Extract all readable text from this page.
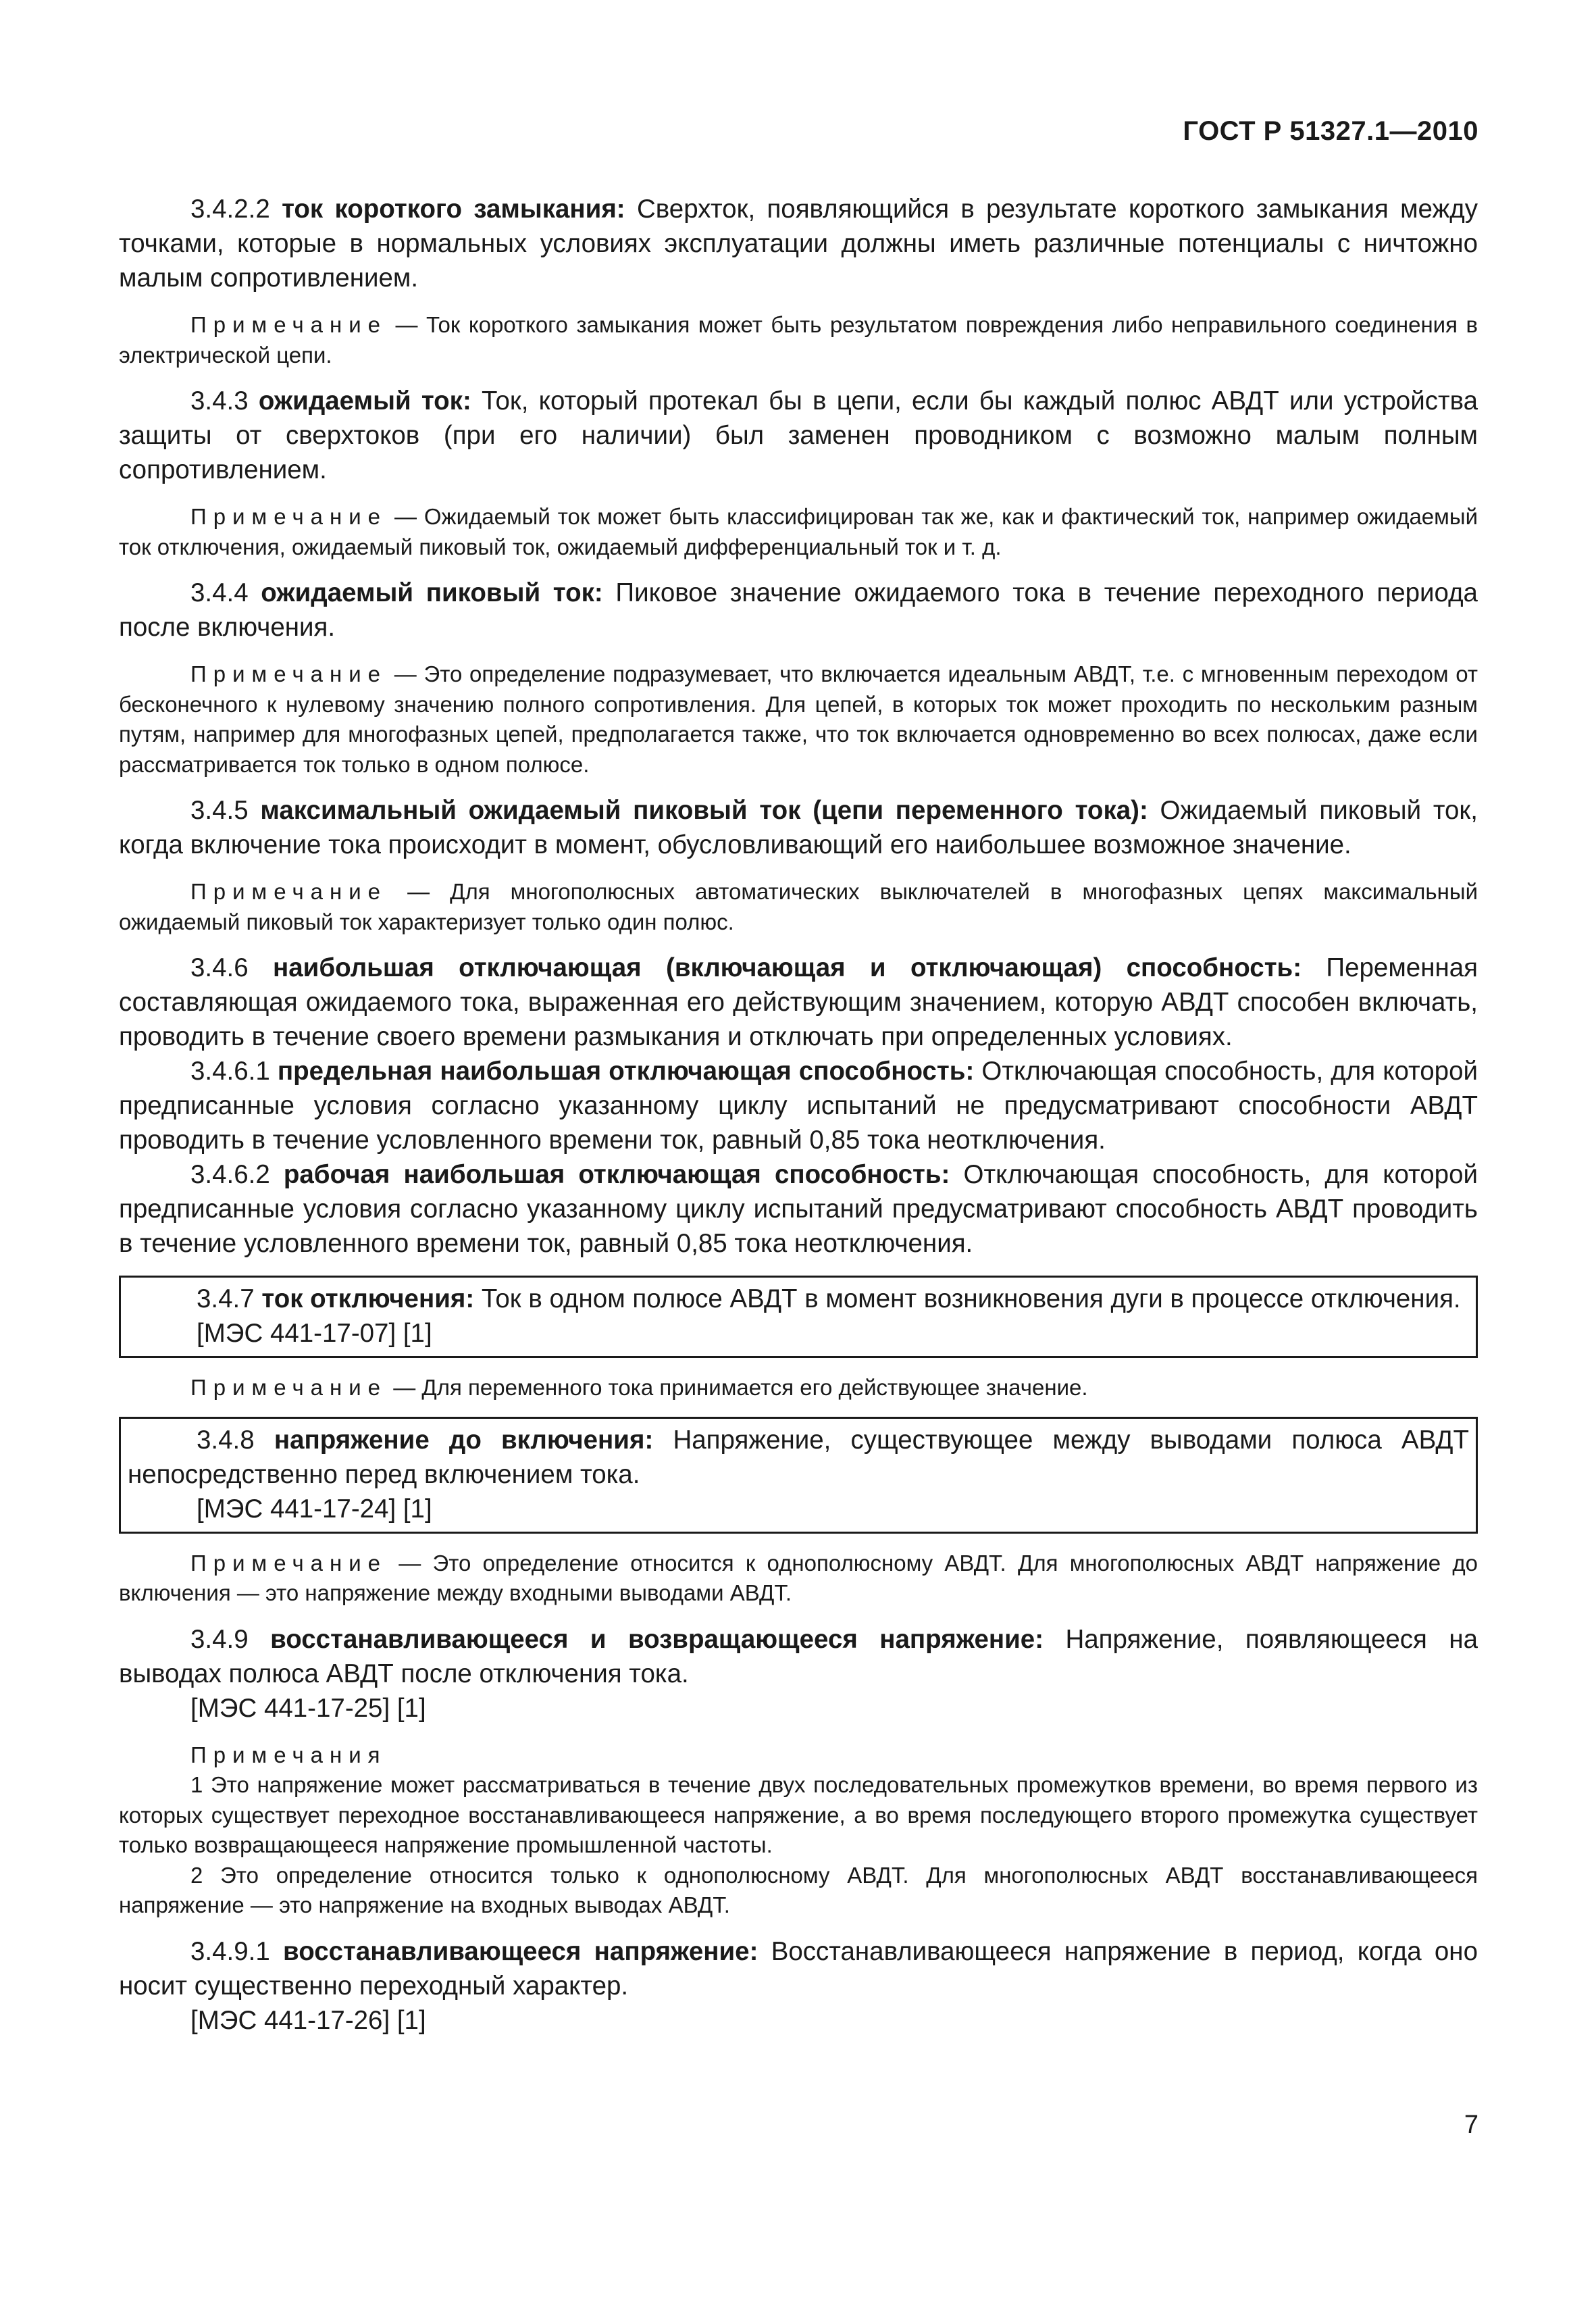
ГОСТ Р 51327.1—2010

3.4.2.2 ток короткого замыкания: Сверхток, появляющийся в результате короткого замыкания между точками, которые в нормальных условиях эксплуатации должны иметь различные потенциалы с ничтожно малым сопротивлением.

Примечание — Ток короткого замыкания может быть результатом повреждения либо неправильного соединения в электрической цепи.

3.4.3 ожидаемый ток: Ток, который протекал бы в цепи, если бы каждый полюс АВДТ или устройства защиты от сверхтоков (при его наличии) был заменен проводником с возможно малым полным сопротивлением.

Примечание — Ожидаемый ток может быть классифицирован так же, как и фактический ток, например ожидаемый ток отключения, ожидаемый пиковый ток, ожидаемый дифференциальный ток и т. д.

3.4.4 ожидаемый пиковый ток: Пиковое значение ожидаемого тока в течение переходного периода после включения.

Примечание — Это определение подразумевает, что включается идеальным АВДТ, т.е. с мгновенным переходом от бесконечного к нулевому значению полного сопротивления. Для цепей, в которых ток может проходить по нескольким разным путям, например для многофазных цепей, предполагается также, что ток включается одновременно во всех полюсах, даже если рассматривается ток только в одном полюсе.

3.4.5 максимальный ожидаемый пиковый ток (цепи переменного тока): Ожидаемый пиковый ток, когда включение тока происходит в момент, обусловливающий его наибольшее возможное значение.

Примечание — Для многополюсных автоматических выключателей в многофазных цепях максимальный ожидаемый пиковый ток характеризует только один полюс.

3.4.6 наибольшая отключающая (включающая и отключающая) способность: Переменная составляющая ожидаемого тока, выраженная его действующим значением, которую АВДТ способен включать, проводить в течение своего времени размыкания и отключать при определенных условиях.

3.4.6.1 предельная наибольшая отключающая способность: Отключающая способность, для которой предписанные условия согласно указанному циклу испытаний не предусматривают способности АВДТ проводить в течение условленного времени ток, равный 0,85 тока неотключения.

3.4.6.2 рабочая наибольшая отключающая способность: Отключающая способность, для которой предписанные условия согласно указанному циклу испытаний предусматривают способность АВДТ проводить в течение условленного времени ток, равный 0,85 тока неотключения.

3.4.7 ток отключения: Ток в одном полюсе АВДТ в момент возникновения дуги в процессе отключения.

[МЭС 441-17-07] [1]

Примечание — Для переменного тока принимается его действующее значение.

3.4.8 напряжение до включения: Напряжение, существующее между выводами полюса АВДТ непосредственно перед включением тока.

[МЭС 441-17-24] [1]

Примечание — Это определение относится к однополюсному АВДТ. Для многополюсных АВДТ напряжение до включения — это напряжение между входными выводами АВДТ.

3.4.9 восстанавливающееся и возвращающееся напряжение: Напряжение, появляющееся на выводах полюса АВДТ после отключения тока.

[МЭС 441-17-25] [1]

Примечания

1 Это напряжение может рассматриваться в течение двух последовательных промежутков времени, во время первого из которых существует переходное восстанавливающееся напряжение, а во время последующего второго промежутка существует только возвращающееся напряжение промышленной частоты.

2 Это определение относится только к однополюсному АВДТ. Для многополюсных АВДТ восстанавливающееся напряжение — это напряжение на входных выводах АВДТ.

3.4.9.1 восстанавливающееся напряжение: Восстанавливающееся напряжение в период, когда оно носит существенно переходный характер.

[МЭС 441-17-26] [1]
7
